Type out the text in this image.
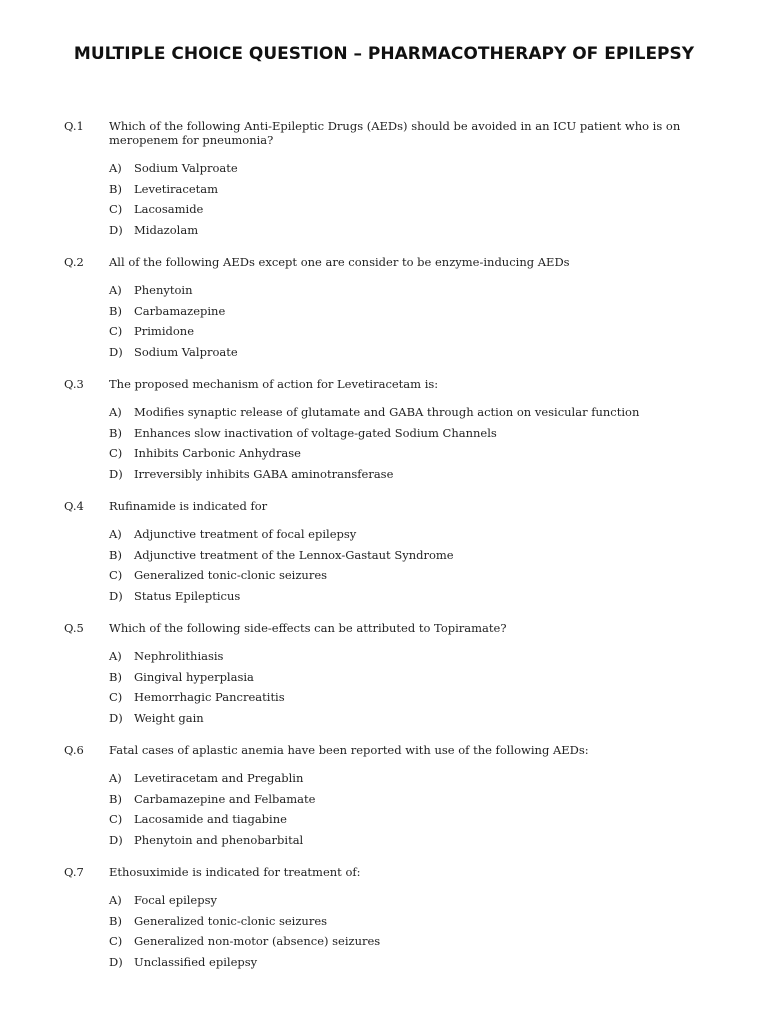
MULTIPLE CHOICE QUESTION – PHARMACOTHERAPY OF EPILEPSY
Q.1 Which of the following Anti-Epileptic Drugs (AEDs) should be avoided in an ICU patient who is on meropenem for pneumonia?
A) Sodium Valproate
B) Levetiracetam
C) Lacosamide
D) Midazolam
Q.2 All of the following AEDs except one are consider to be enzyme-inducing AEDs
A) Phenytoin
B) Carbamazepine
C) Primidone
D) Sodium Valproate
Q.3 The proposed mechanism of action for Levetiracetam is:
A) Modifies synaptic release of glutamate and GABA through action on vesicular function
B) Enhances slow inactivation of voltage-gated Sodium Channels
C) Inhibits Carbonic Anhydrase
D) Irreversibly inhibits GABA aminotransferase
Q.4 Rufinamide is indicated for
A) Adjunctive treatment of focal epilepsy
B) Adjunctive treatment of the Lennox-Gastaut Syndrome
C) Generalized tonic-clonic seizures
D) Status Epilepticus
Q.5 Which of the following side-effects can be attributed to Topiramate?
A) Nephrolithiasis
B) Gingival hyperplasia
C) Hemorrhagic Pancreatitis
D) Weight gain
Q.6 Fatal cases of aplastic anemia have been reported with use of the following AEDs:
A) Levetiracetam and Pregablin
B) Carbamazepine and Felbamate
C) Lacosamide and tiagabine
D) Phenytoin and phenobarbital
Q.7 Ethosuximide is indicated for treatment of:
A) Focal epilepsy
B) Generalized tonic-clonic seizures
C) Generalized non-motor (absence) seizures
D) Unclassified epilepsy
